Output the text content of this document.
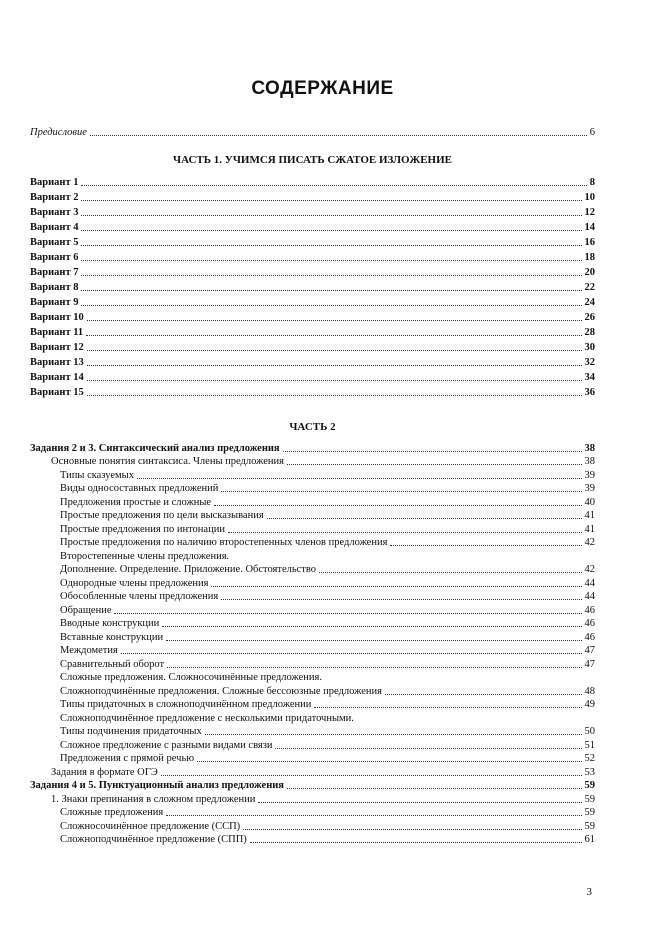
СОДЕРЖАНИЕ
Предисловие	6
ЧАСТЬ 1. УЧИМСЯ ПИСАТЬ СЖАТОЕ ИЗЛОЖЕНИЕ
Вариант 1	8
Вариант 2	10
Вариант 3	12
Вариант 4	14
Вариант 5	16
Вариант 6	18
Вариант 7	20
Вариант 8	22
Вариант 9	24
Вариант 10	26
Вариант 11	28
Вариант 12	30
Вариант 13	32
Вариант 14	34
Вариант 15	36
ЧАСТЬ 2
Задания 2 и 3. Синтаксический анализ предложения	38
Основные понятия синтаксиса. Члены предложения	38
Типы сказуемых	39
Виды односоставных предложений	39
Предложения простые и сложные	40
Простые предложения по цели высказывания	41
Простые предложения по интонации	41
Простые предложения по наличию второстепенных членов предложения	42
Второстепенные члены предложения.
Дополнение. Определение. Приложение. Обстоятельство	42
Однородные члены предложения	44
Обособленные члены предложения	44
Обращение	46
Вводные конструкции	46
Вставные конструкции	46
Междометия	47
Сравнительный оборот	47
Сложные предложения. Сложносочинённые предложения.
Сложноподчинённые предложения. Сложные бессоюзные предложения	48
Типы придаточных в сложноподчинённом предложении	49
Сложноподчинённое предложение с несколькими придаточными.
Типы подчинения придаточных	50
Сложное предложение с разными видами связи	51
Предложения с прямой речью	52
Задания в формате ОГЭ	53
Задания 4 и 5. Пунктуационный анализ предложения	59
1. Знаки препинания в сложном предложении	59
Сложные предложения	59
Сложносочинённое предложение (ССП)	59
Сложноподчинённое предложение (СПП)	61
3
